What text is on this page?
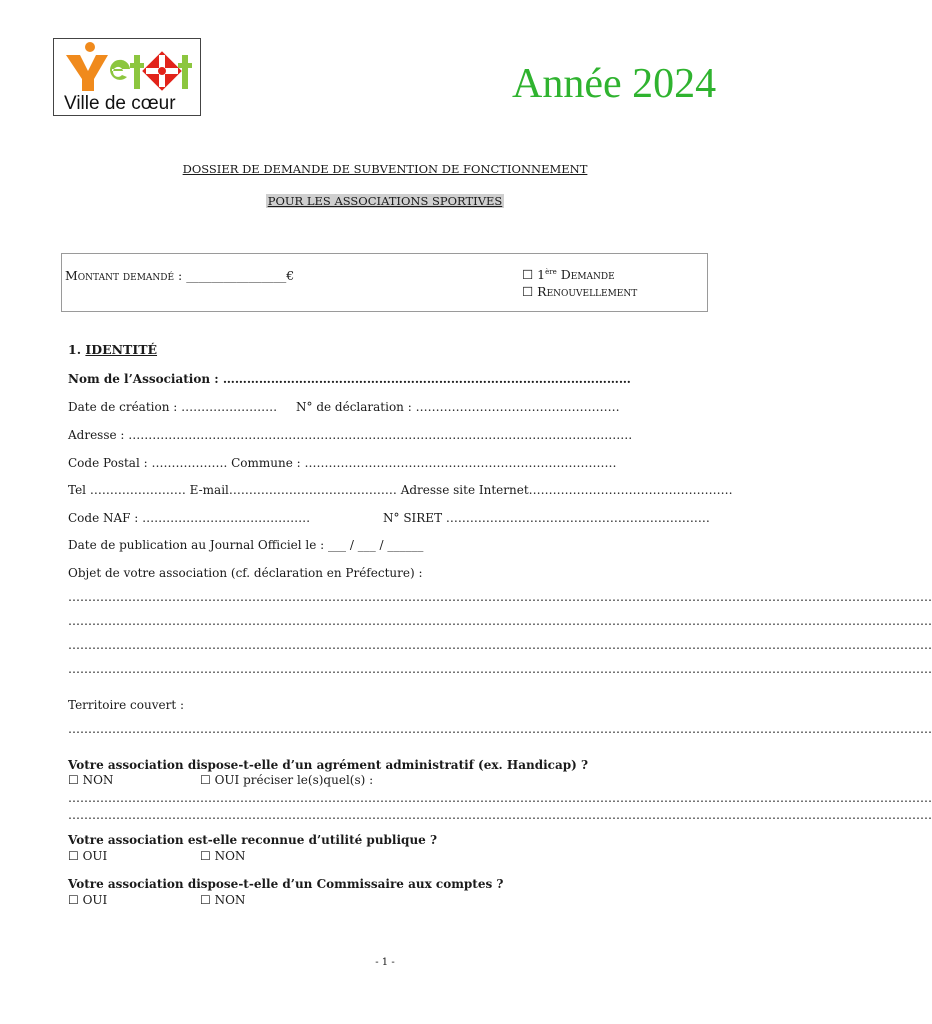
Ville de cœur	Année 2024
DOSSIER DE DEMANDE DE SUBVENTION DE FONCTIONNEMENT
POUR LES ASSOCIATIONS SPORTIVES
Montant demandé : ________________€	☐ 1ère Demande
☐ Renouvellement
1. IDENTITÉ
Nom de l’Association : …………………………………………………………………………………………
Date de création : …………………… N° de déclaration : ……………………………………………
Adresse : ………………………………………………………………………………………………………………
Code Postal : ………………. Commune : ……………………………………………………………………
Tel …………………… E-mail…………………………………… Adresse site Internet……………………………………………
Code NAF : ……………………………………	N° SIRET …………………………………………………………
Date de publication au Journal Officiel le : ___ / ___ / ______
Objet de votre association (cf. déclaration en Préfecture) :
………………………………………………………………………………………………………………………………………………………………………………………………
………………………………………………………………………………………………………………………………………………………………………………………………
………………………………………………………………………………………………………………………………………………………………………………………………
………………………………………………………………………………………………………………………………………………………………………………………………
Territoire couvert :
………………………………………………………………………………………………………………………………………………………………………………………………
Votre association dispose-t-elle d’un agrément administratif (ex. Handicap) ?
☐ NON	☐ OUI préciser le(s)quel(s) :
………………………………………………………………………………………………………………………………………………………………………………………………
………………………………………………………………………………………………………………………………………………………………………………………………
Votre association est-elle reconnue d’utilité publique ?
☐ OUI	☐ NON
Votre association dispose-t-elle d’un Commissaire aux comptes ?
☐ OUI	☐ NON
- 1 -
